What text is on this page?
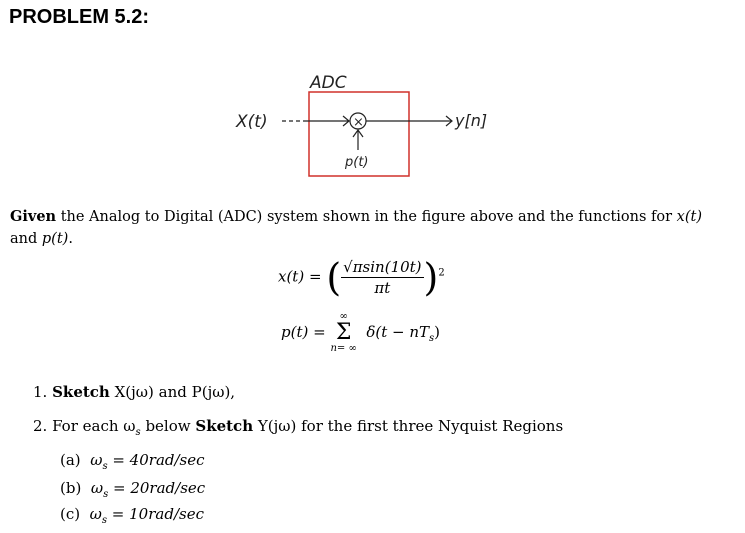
PROBLEM 5.2:
ADC
X(t)	×	y[n]
p(t)
Given the Analog to Digital (ADC) system shown in the figure above and the functions for x(t)
and p(t).
x(t) = ( $\frac{√\pi\sin(10t)}{\pi t} )^2$
p(t) =
∞
Σ
n= ∞
$\delta(t - nT_s)$
1. Sketch X(jω) and P(jω),
2. For each $\omega_s$ below Sketch Y(jω) for the first three Nyquist Regions
(a) $\omega_s = 40rad/\sec$
(b) $\omega_s = 20rad/\sec$
(c) $\omega_s = 10rad/\sec$
